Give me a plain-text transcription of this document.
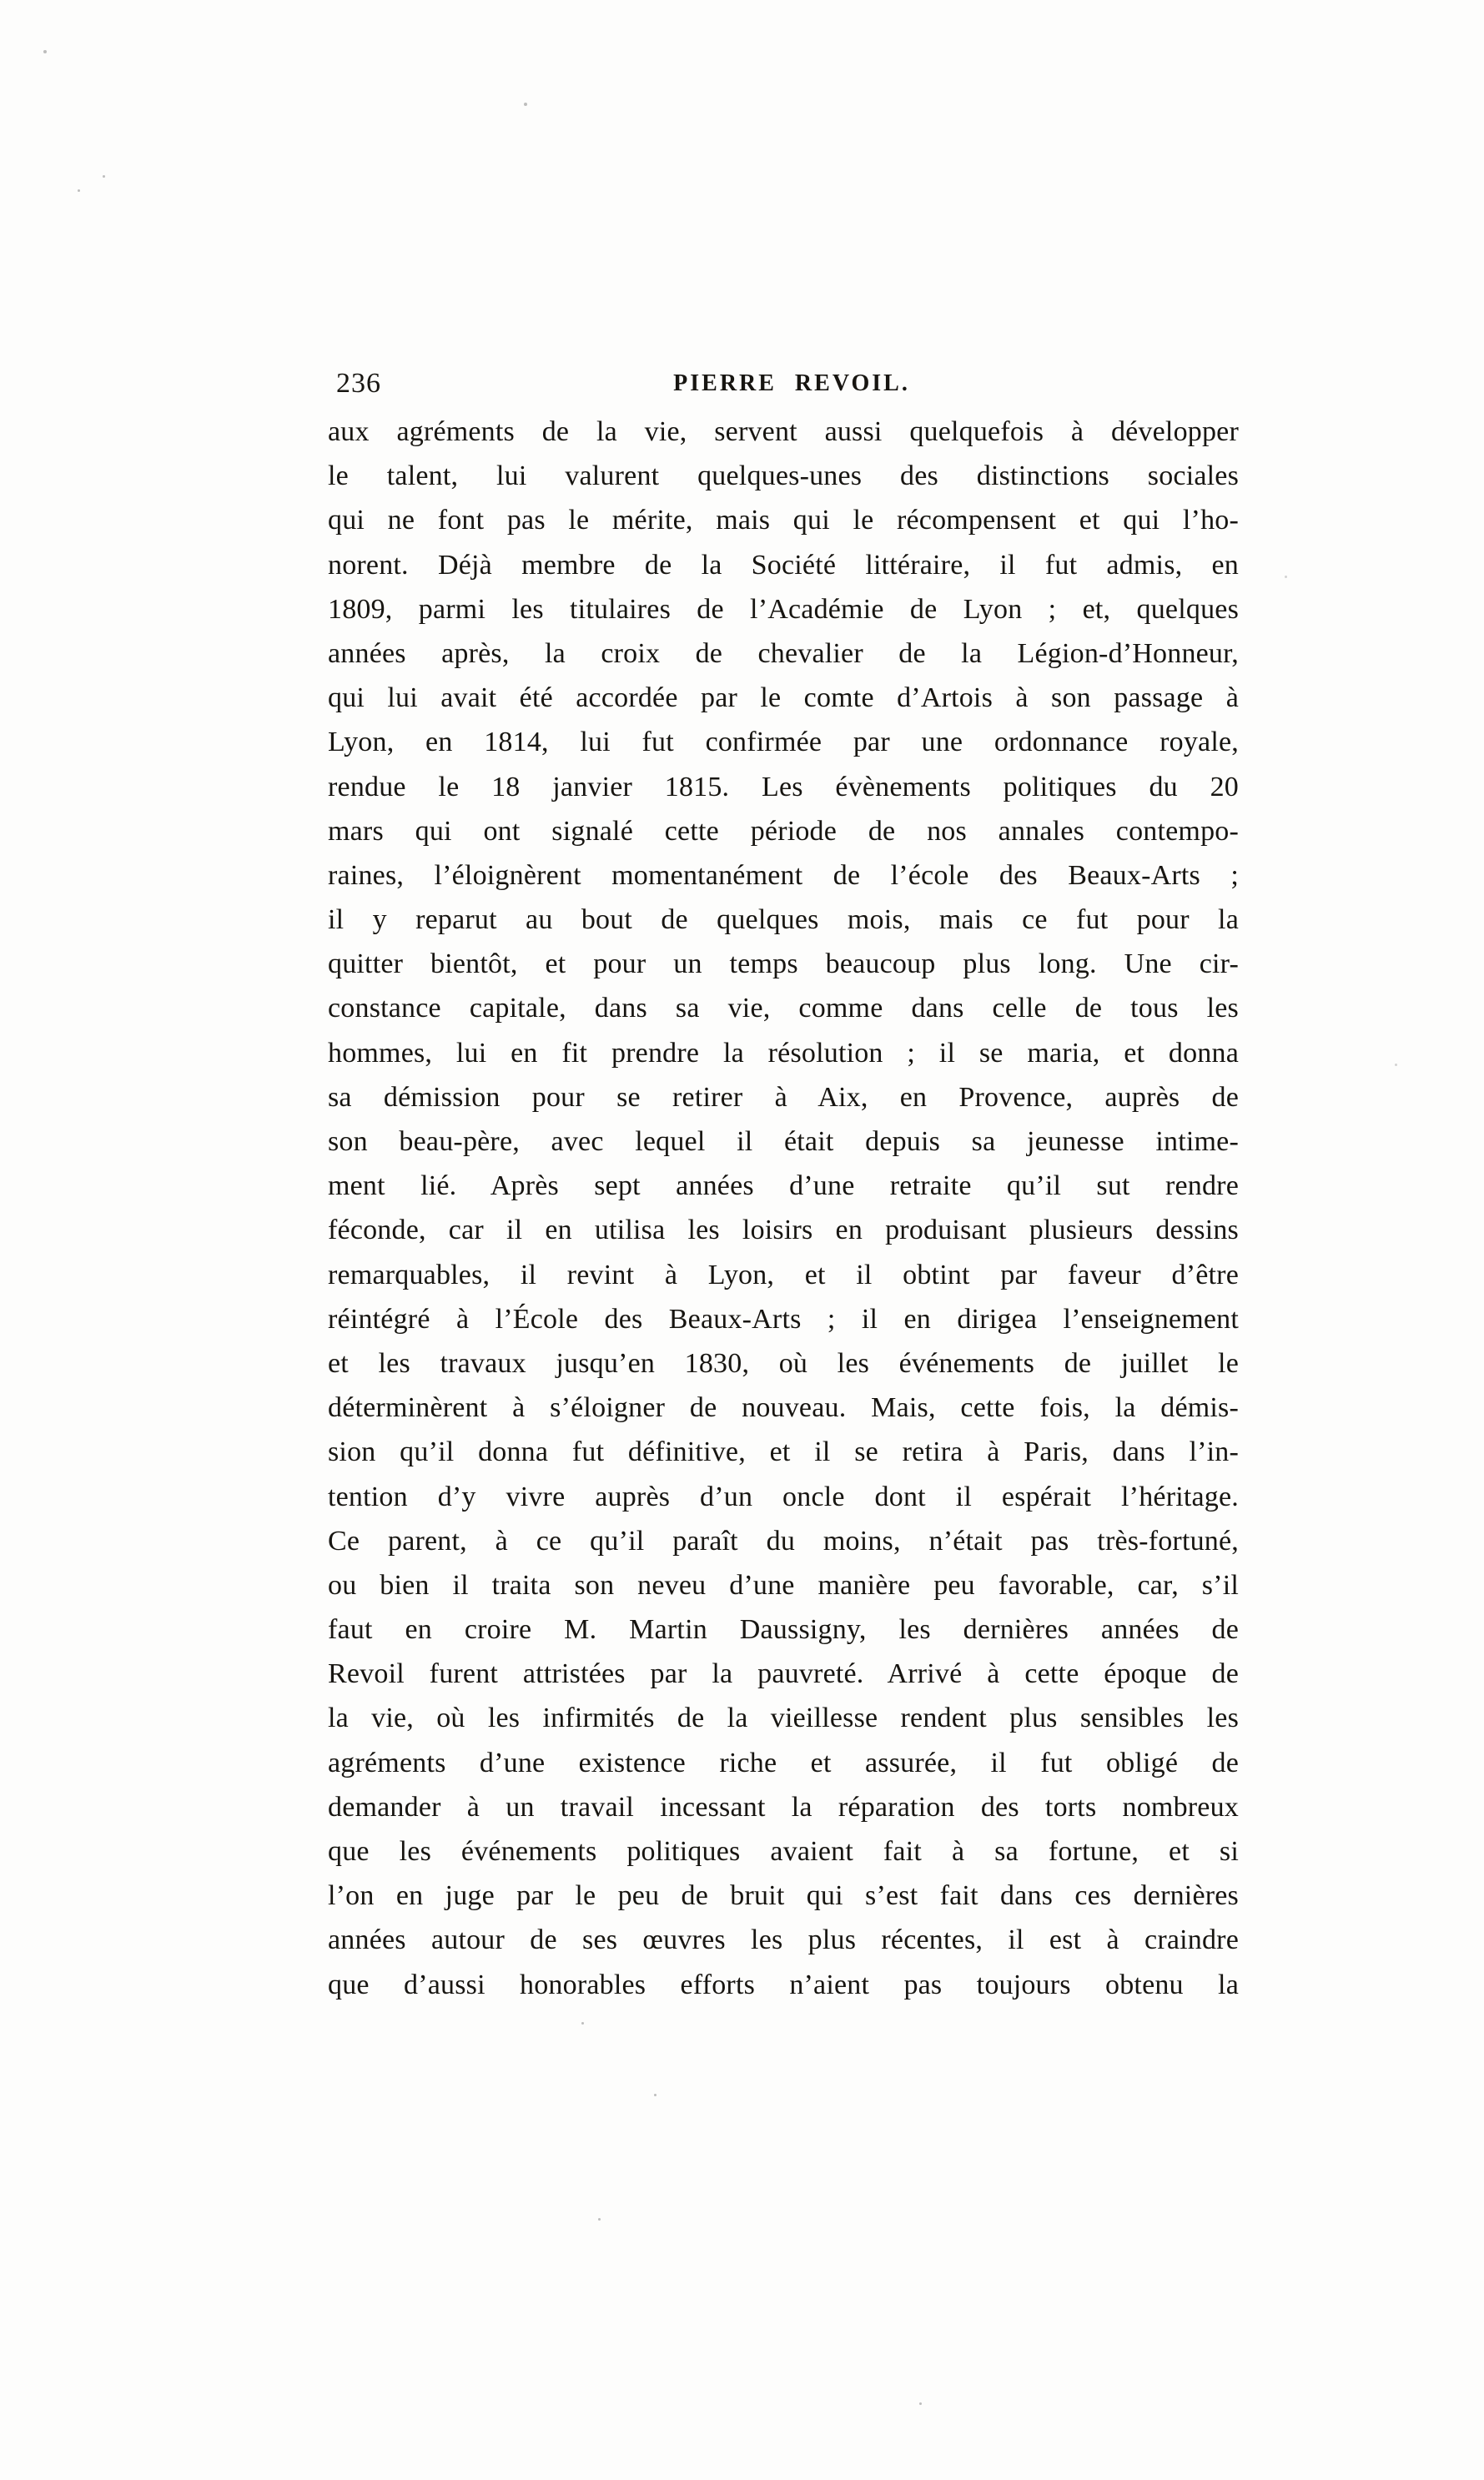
236	PIERRE REVOIL.
aux agréments de la vie, servent aussi quelquefois à développer
le talent, lui valurent quelques-unes des distinctions sociales
qui ne font pas le mérite, mais qui le récompensent et qui l’ho-
norent. Déjà membre de la Société littéraire, il fut admis, en
1809, parmi les titulaires de l’Académie de Lyon ; et, quelques
années après, la croix de chevalier de la Légion-d’Honneur,
qui lui avait été accordée par le comte d’Artois à son passage à
Lyon, en 1814, lui fut confirmée par une ordonnance royale,
rendue le 18 janvier 1815. Les évènements politiques du 20
mars qui ont signalé cette période de nos annales contempo-
raines, l’éloignèrent momentanément de l’école des Beaux-Arts ;
il y reparut au bout de quelques mois, mais ce fut pour la
quitter bientôt, et pour un temps beaucoup plus long. Une cir-
constance capitale, dans sa vie, comme dans celle de tous les
hommes, lui en fit prendre la résolution ; il se maria, et donna
sa démission pour se retirer à Aix, en Provence, auprès de
son beau-père, avec lequel il était depuis sa jeunesse intime-
ment lié. Après sept années d’une retraite qu’il sut rendre
féconde, car il en utilisa les loisirs en produisant plusieurs dessins
remarquables, il revint à Lyon, et il obtint par faveur d’être
réintégré à l’École des Beaux-Arts ; il en dirigea l’enseignement
et les travaux jusqu’en 1830, où les événements de juillet le
déterminèrent à s’éloigner de nouveau. Mais, cette fois, la démis-
sion qu’il donna fut définitive, et il se retira à Paris, dans l’in-
tention d’y vivre auprès d’un oncle dont il espérait l’héritage.
Ce parent, à ce qu’il paraît du moins, n’était pas très-fortuné,
ou bien il traita son neveu d’une manière peu favorable, car, s’il
faut en croire M. Martin Daussigny, les dernières années de
Revoil furent attristées par la pauvreté. Arrivé à cette époque de
la vie, où les infirmités de la vieillesse rendent plus sensibles les
agréments d’une existence riche et assurée, il fut obligé de
demander à un travail incessant la réparation des torts nombreux
que les événements politiques avaient fait à sa fortune, et si
l’on en juge par le peu de bruit qui s’est fait dans ces dernières
années autour de ses œuvres les plus récentes, il est à craindre
que d’aussi honorables efforts n’aient pas toujours obtenu la
